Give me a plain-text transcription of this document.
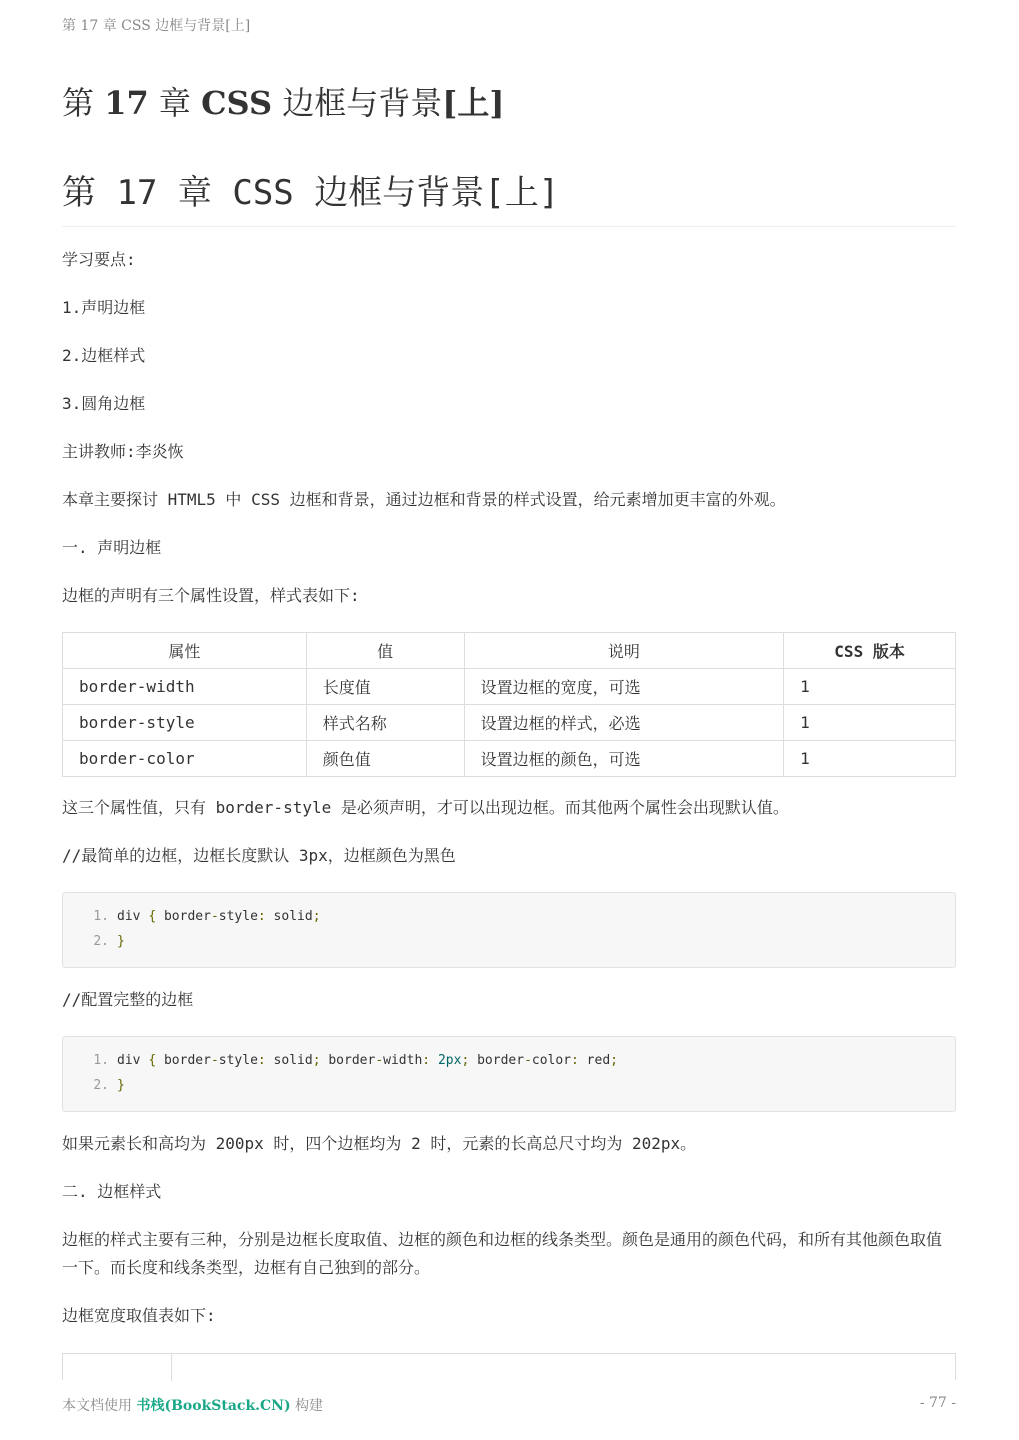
第 17 章 CSS 边框与背景[上]
第 17 章 CSS 边框与背景[上]
第 17 章 CSS 边框与背景[上]
学习要点:
1.声明边框
2.边框样式
3.圆角边框
主讲教师:李炎恢
本章主要探讨 HTML5 中 CSS 边框和背景，通过边框和背景的样式设置，给元素增加更丰富的外观。
一. 声明边框
边框的声明有三个属性设置，样式表如下:
属性	值	说明	CSS 版本
border-width	长度值	设置边框的宽度，可选	1
border-style	样式名称	设置边框的样式，必选	1
border-color	颜色值	设置边框的颜色，可选	1
这三个属性值，只有 border-style 是必须声明，才可以出现边框。而其他两个属性会出现默认值。
//最简单的边框，边框长度默认 3px，边框颜色为黑色
1. div { border-style: solid;
2. }
//配置完整的边框
1. div { border-style: solid; border-width: 2px; border-color: red;
2. }
如果元素长和高均为 200px 时，四个边框均为 2 时，元素的长高总尺寸均为 202px。
二. 边框样式
边框的样式主要有三种，分别是边框长度取值、边框的颜色和边框的线条类型。颜色是通用的颜色代码，和所有其他颜色取值一下。而长度和线条类型，边框有自己独到的部分。
边框宽度取值表如下:
本文档使用 书栈(BookStack.CN) 构建	- 77 -
